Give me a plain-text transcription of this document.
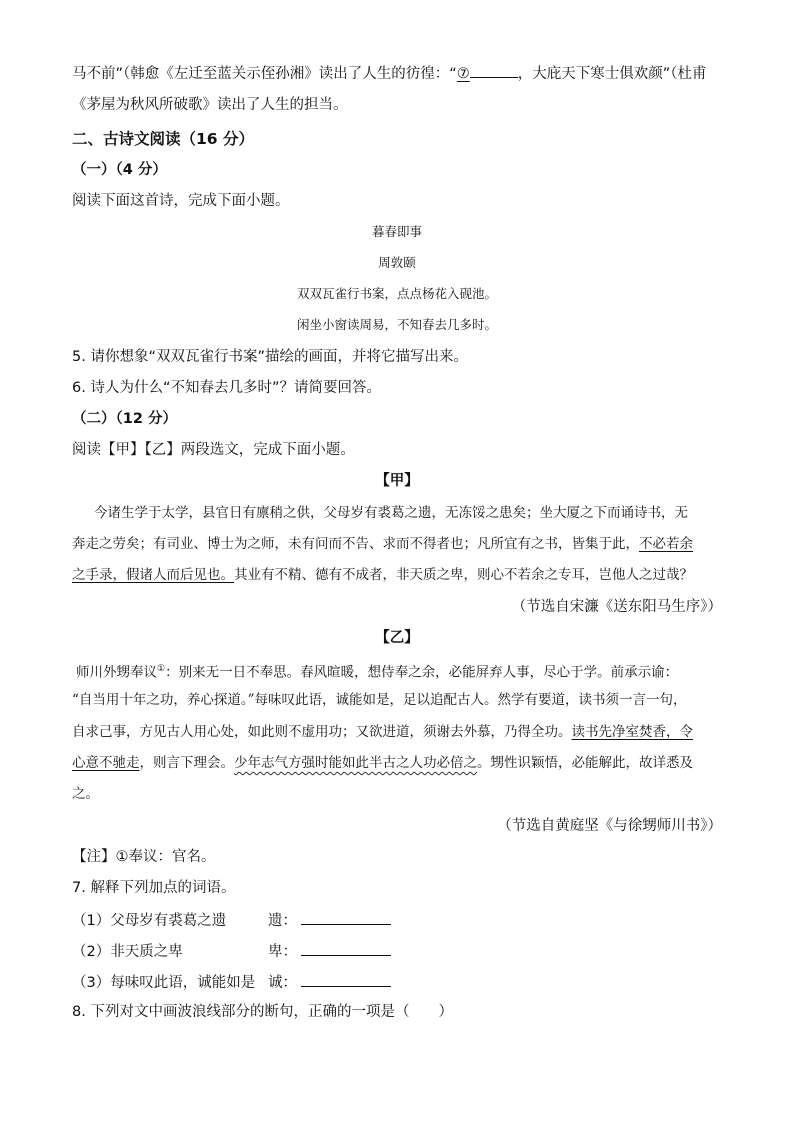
马不前”（韩愈《左迁至蓝关示侄孙湘》读出了人生的彷徨：“⑦	，大庇天下寒士俱欢颜”（杜甫
《茅屋为秋风所破歌》读出了人生的担当。
二、古诗文阅读（16 分）
（一）（4 分）
阅读下面这首诗，完成下面小题。
暮春即事
周敦颐
双双瓦雀行书案，点点杨花入砚池。
闲坐小窗读周易，不知春去几多时。
5. 请你想象“双双瓦雀行书案”描绘的画面，并将它描写出来。
6. 诗人为什么“不知春去几多时”？请简要回答。
（二）（12 分）
阅读【甲】【乙】两段选文，完成下面小题。
【甲】
今诸生学于太学，县官日有廪稍之供，父母岁有裘葛之遗，无冻馁之患矣；坐大厦之下而诵诗书，无
奔走之劳矣；有司业、博士为之师，未有问而不告、求而不得者也；凡所宜有之书，皆集于此，不必若余
之手录，假诸人而后见也。其业有不精、德有不成者，非天质之卑，则心不若余之专耳，岂他人之过哉？
（节选自宋濂《送东阳马生序》）
【乙】
师川外甥奉议①：别来无一日不奉思。春风暄暖，想侍奉之余，必能屏弃人事，尽心于学。前承示谕：
“自当用十年之功，养心探道。”每味叹此语，诚能如是，足以追配古人。然学有要道，读书须一言一句，
自求己事，方见古人用心处，如此则不虚用功；又欲进道，须谢去外慕，乃得全功。读书先净室焚香，令
心意不驰走，则言下理会。少年志气方强时能如此半古之人功必倍之。甥性识颖悟，必能解此，故详悉及
之。
（节选自黄庭坚《与徐甥师川书》）
【注】①奉议：官名。
7. 解释下列加点的词语。
（1）父母岁有裘葛之遗	遗：
（2）非天质之卑	卑：
（3）每味叹此语，诚能如是 诚：
8. 下列对文中画波浪线部分的断句，正确的一项是（　　）
